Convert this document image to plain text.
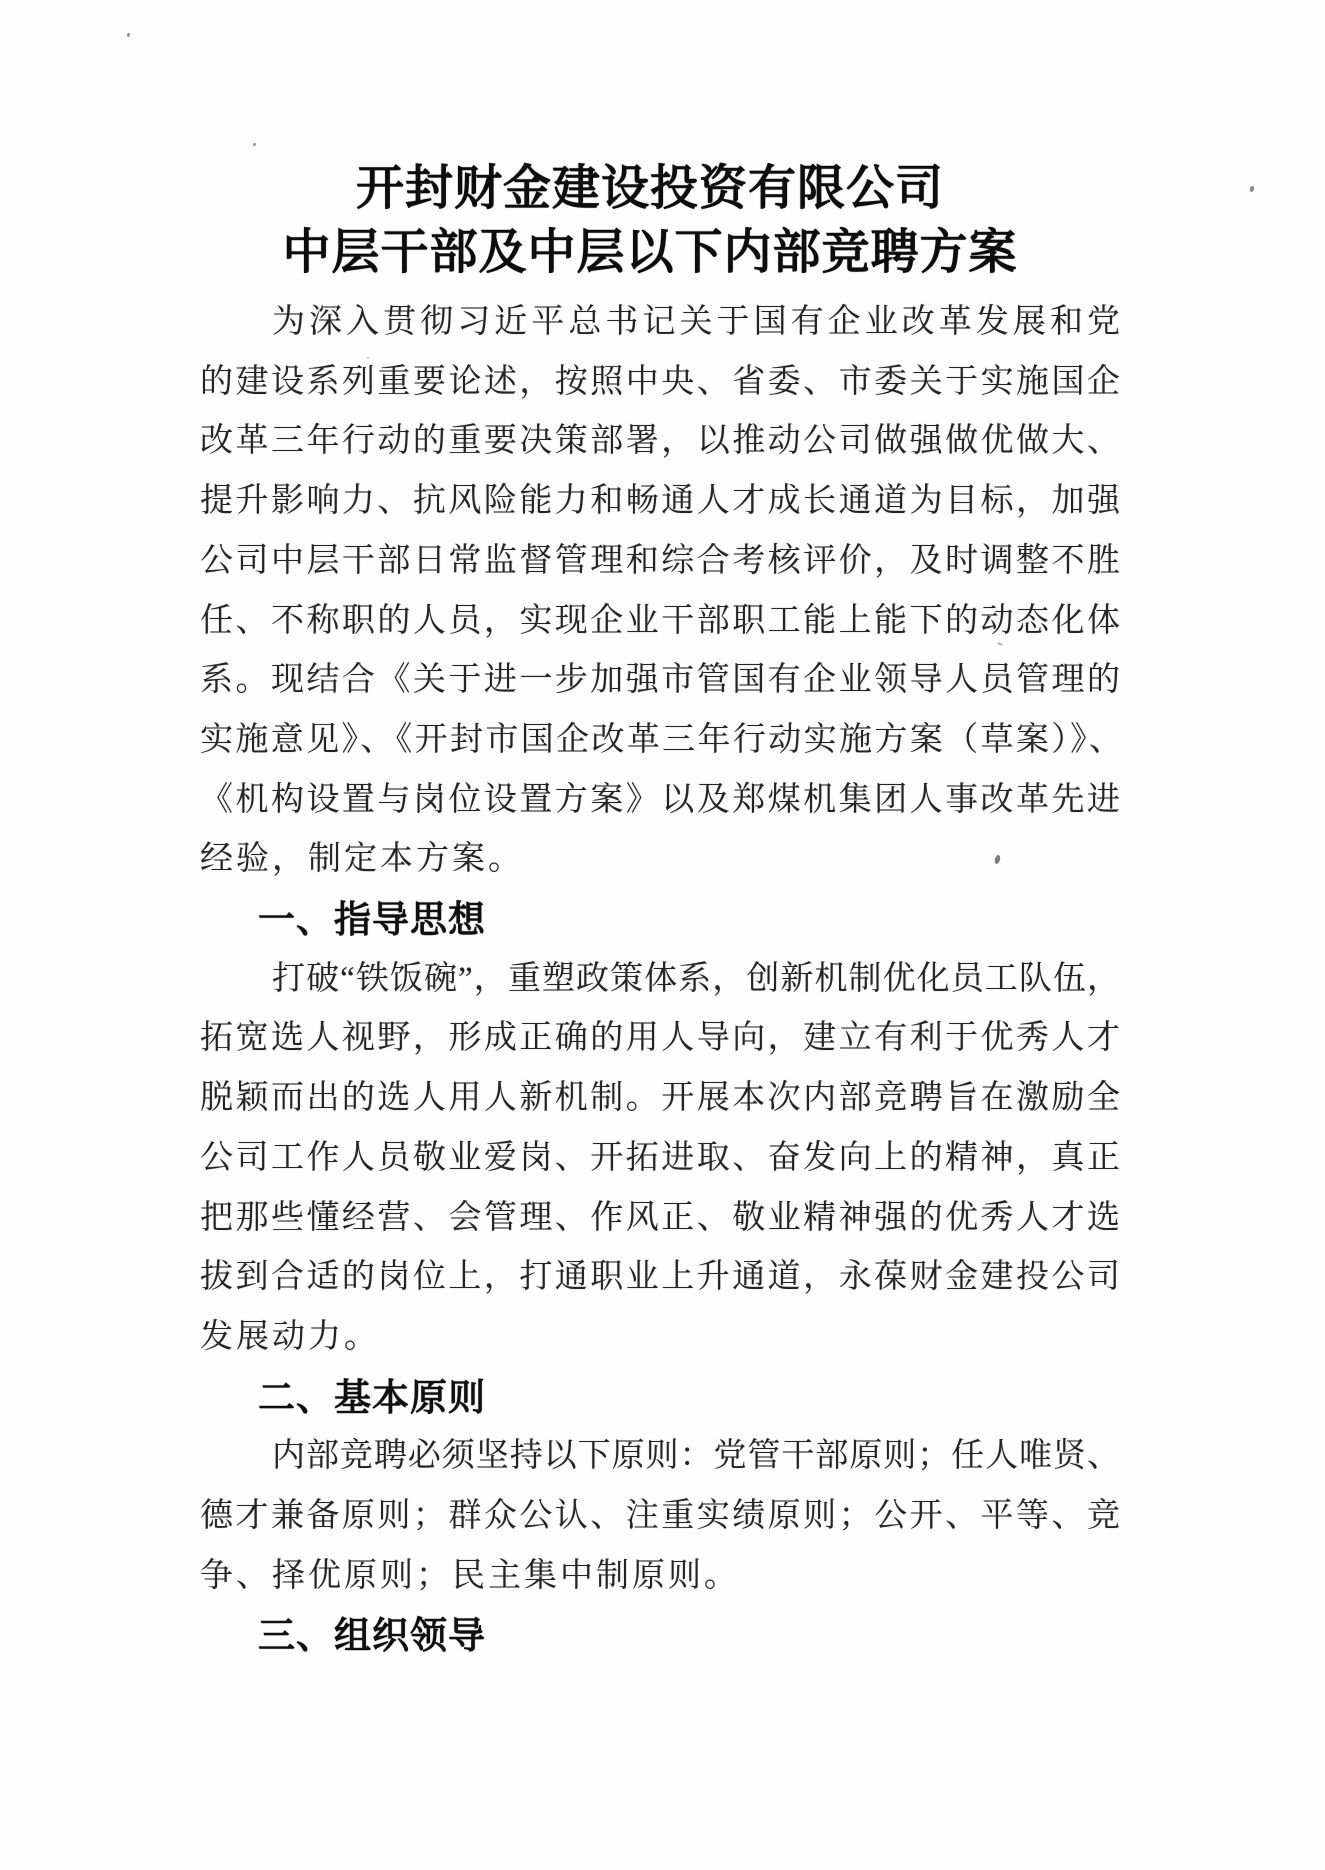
开封财金建设投资有限公司
中层干部及中层以下内部竞聘方案
为深入贯彻习近平总书记关于国有企业改革发展和党
的建设系列重要论述，按照中央、省委、市委关于实施国企
改革三年行动的重要决策部署，以推动公司做强做优做大、
提升影响力、抗风险能力和畅通人才成长通道为目标，加强
公司中层干部日常监督管理和综合考核评价，及时调整不胜
任、不称职的人员，实现企业干部职工能上能下的动态化体
系。现结合《关于进一步加强市管国有企业领导人员管理的
实施意见》、《开封市国企改革三年行动实施方案（草案）》、
《机构设置与岗位设置方案》以及郑煤机集团人事改革先进
经验，制定本方案。
一、指导思想
打破“铁饭碗”，重塑政策体系，创新机制优化员工队伍，
拓宽选人视野，形成正确的用人导向，建立有利于优秀人才
脱颖而出的选人用人新机制。开展本次内部竞聘旨在激励全
公司工作人员敬业爱岗、开拓进取、奋发向上的精神，真正
把那些懂经营、会管理、作风正、敬业精神强的优秀人才选
拔到合适的岗位上，打通职业上升通道，永葆财金建投公司
发展动力。
二、基本原则
内部竞聘必须坚持以下原则：党管干部原则；任人唯贤、
德才兼备原则；群众公认、注重实绩原则；公开、平等、竞
争、择优原则；民主集中制原则。
三、组织领导
